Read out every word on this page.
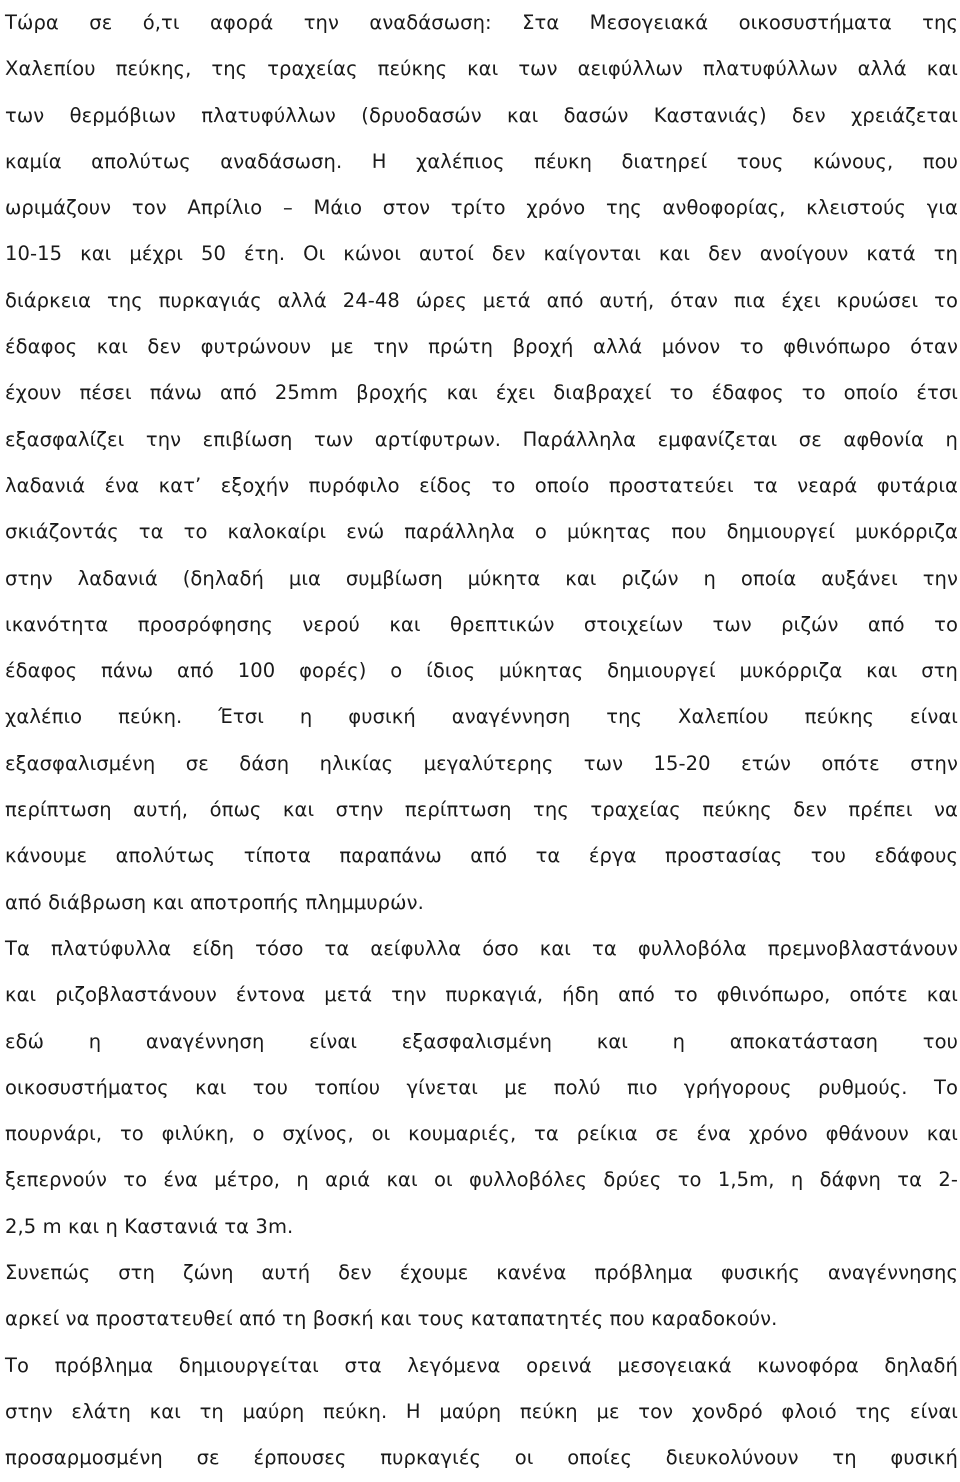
Τώρα σε ό,τι αφορά την αναδάσωση: Στα Μεσογειακά οικοσυστήματα της
Χαλεπίου πεύκης, της τραχείας πεύκης και των αειφύλλων πλατυφύλλων αλλά και
των θερμόβιων πλατυφύλλων (δρυοδασών και δασών Καστανιάς) δεν χρειάζεται
καμία απολύτως αναδάσωση. Η χαλέπιος πέυκη διατηρεί τους κώνους, που
ωριμάζουν τον Απρίλιο – Μάιο στον τρίτο χρόνο της ανθοφορίας, κλειστούς για
10-15 και μέχρι 50 έτη. Οι κώνοι αυτοί δεν καίγονται και δεν ανοίγουν κατά τη
διάρκεια της πυρκαγιάς αλλά 24-48 ώρες μετά από αυτή, όταν πια έχει κρυώσει το
έδαφος και δεν φυτρώνουν με την πρώτη βροχή αλλά μόνον το φθινόπωρο όταν
έχουν πέσει πάνω από 25mm βροχής και έχει διαβραχεί το έδαφος το οποίο έτσι
εξασφαλίζει την επιβίωση των αρτίφυτρων. Παράλληλα εμφανίζεται σε αφθονία η
λαδανιά ένα κατ’ εξοχήν πυρόφιλο είδος το οποίο προστατεύει τα νεαρά φυτάρια
σκιάζοντάς τα το καλοκαίρι ενώ παράλληλα ο μύκητας που δημιουργεί μυκόρριζα
στην λαδανιά (δηλαδή μια συμβίωση μύκητα και ριζών η οποία αυξάνει την
ικανότητα προσρόφησης νερού και θρεπτικών στοιχείων των ριζών από το
έδαφος πάνω από 100 φορές) ο ίδιος μύκητας δημιουργεί μυκόρριζα και στη
χαλέπιο πεύκη. Έτσι η φυσική αναγέννηση της Χαλεπίου πεύκης είναι
εξασφαλισμένη σε δάση ηλικίας μεγαλύτερης των 15-20 ετών οπότε στην
περίπτωση αυτή, όπως και στην περίπτωση της τραχείας πεύκης δεν πρέπει να
κάνουμε απολύτως τίποτα παραπάνω από τα έργα προστασίας του εδάφους
από διάβρωση και αποτροπής πλημμυρών.
Τα πλατύφυλλα είδη τόσο τα αείφυλλα όσο και τα φυλλοβόλα πρεμνοβλαστάνουν
και ριζοβλαστάνουν έντονα μετά την πυρκαγιά, ήδη από το φθινόπωρο, οπότε και
εδώ η αναγέννηση είναι εξασφαλισμένη και η αποκατάσταση του
οικοσυστήματος και του τοπίου γίνεται με πολύ πιο γρήγορους ρυθμούς. Το
πουρνάρι, το φιλύκη, ο σχίνος, οι κουμαριές, τα ρείκια σε ένα χρόνο φθάνουν και
ξεπερνούν το ένα μέτρο, η αριά και οι φυλλοβόλες δρύες το 1,5m, η δάφνη τα 2-
2,5 m και η Καστανιά τα 3m.
Συνεπώς στη ζώνη αυτή δεν έχουμε κανένα πρόβλημα φυσικής αναγέννησης
αρκεί να προστατευθεί από τη βοσκή και τους καταπατητές που καραδοκούν.
Το πρόβλημα δημιουργείται στα λεγόμενα ορεινά μεσογειακά κωνοφόρα δηλαδή
στην ελάτη και τη μαύρη πεύκη. Η μαύρη πεύκη με τον χονδρό φλοιό της είναι
προσαρμοσμένη σε έρπουσες πυρκαγιές οι οποίες διευκολύνουν τη φυσική
